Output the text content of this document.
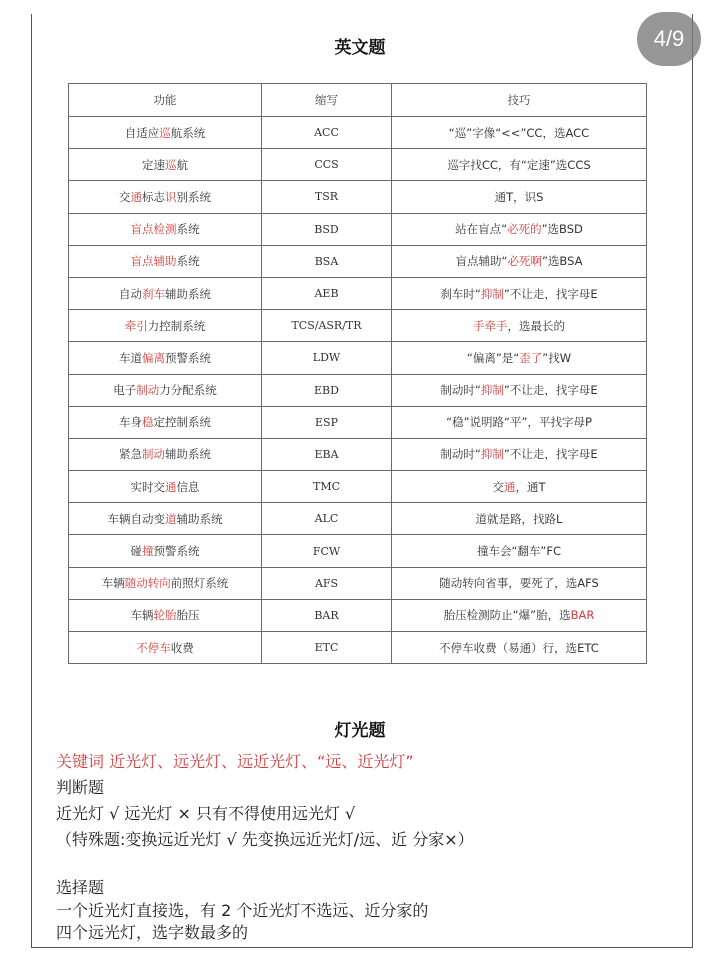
英文题
功能	缩写	技巧
自适应巡航系统	ACC	“巡”字像“<<”CC，选ACC
定速巡航	CCS	巡字找CC，有“定速”选CCS
交通标志识别系统	TSR	通T，识S
盲点检测系统	BSD	站在盲点“必死的”选BSD
盲点辅助系统	BSA	盲点辅助“必死啊”选BSA
自动刹车辅助系统	AEB	刹车时“抑制”不让走，找字母E
牵引力控制系统	TCS/ASR/TR	手牵手，选最长的
车道偏离预警系统	LDW	“偏离”是“歪了”找W
电子制动力分配系统	EBD	制动时“抑制”不让走，找字母E
车身稳定控制系统	ESP	“稳”说明路“平”，平找字母P
紧急制动辅助系统	EBA	制动时“抑制”不让走，找字母E
实时交通信息	TMC	交通，通T
车辆自动变道辅助系统	ALC	道就是路，找路L
碰撞预警系统	FCW	撞车会“翻车”FC
车辆随动转向前照灯系统	AFS	随动转向省事，要死了，选AFS
车辆轮胎胎压	BAR	胎压检测防止“爆”胎，选BAR
不停车收费	ETC	不停车收费（易通）行，选ETC
灯光题
关键词 近光灯、远光灯、远近光灯、“远、近光灯”
判断题
近光灯 √ 远光灯 × 只有不得使用远光灯 √
（特殊题:变换远近光灯 √ 先变换远近光灯/远、近 分家×）
选择题
一个近光灯直接选，有 2 个近光灯不选远、近分家的
四个远光灯，选字数最多的
4/9
